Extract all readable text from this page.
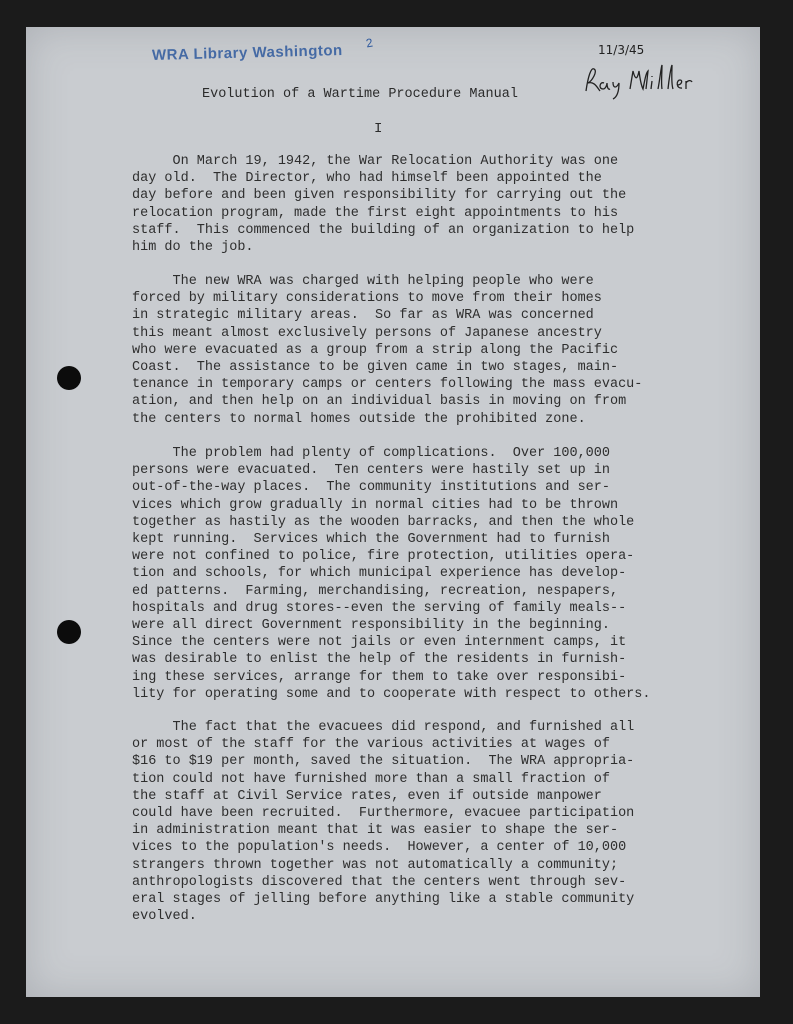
WRA Library Washington	2	11/3/45
Evolution of a Wartime Procedure Manual
I

On March 19, 1942, the War Relocation Authority was one
day old.  The Director, who had himself been appointed the
day before and been given responsibility for carrying out the
relocation program, made the first eight appointments to his
staff.  This commenced the building of an organization to help
him do the job.

The new WRA was charged with helping people who were
forced by military considerations to move from their homes
in strategic military areas.  So far as WRA was concerned
this meant almost exclusively persons of Japanese ancestry
who were evacuated as a group from a strip along the Pacific
Coast.  The assistance to be given came in two stages, main-
tenance in temporary camps or centers following the mass evacu-
ation, and then help on an individual basis in moving on from
the centers to normal homes outside the prohibited zone.

The problem had plenty of complications.  Over 100,000
persons were evacuated.  Ten centers were hastily set up in
out-of-the-way places.  The community institutions and ser-
vices which grow gradually in normal cities had to be thrown
together as hastily as the wooden barracks, and then the whole
kept running.  Services which the Government had to furnish
were not confined to police, fire protection, utilities opera-
tion and schools, for which municipal experience has develop-
ed patterns.  Farming, merchandising, recreation, nespapers,
hospitals and drug stores--even the serving of family meals--
were all direct Government responsibility in the beginning.
Since the centers were not jails or even internment camps, it
was desirable to enlist the help of the residents in furnish-
ing these services, arrange for them to take over responsibi-
lity for operating some and to cooperate with respect to others.

The fact that the evacuees did respond, and furnished all
or most of the staff for the various activities at wages of
$16 to $19 per month, saved the situation.  The WRA appropria-
tion could not have furnished more than a small fraction of
the staff at Civil Service rates, even if outside manpower
could have been recruited.  Furthermore, evacuee participation
in administration meant that it was easier to shape the ser-
vices to the population's needs.  However, a center of 10,000
strangers thrown together was not automatically a community;
anthropologists discovered that the centers went through sev-
eral stages of jelling before anything like a stable community
evolved.
